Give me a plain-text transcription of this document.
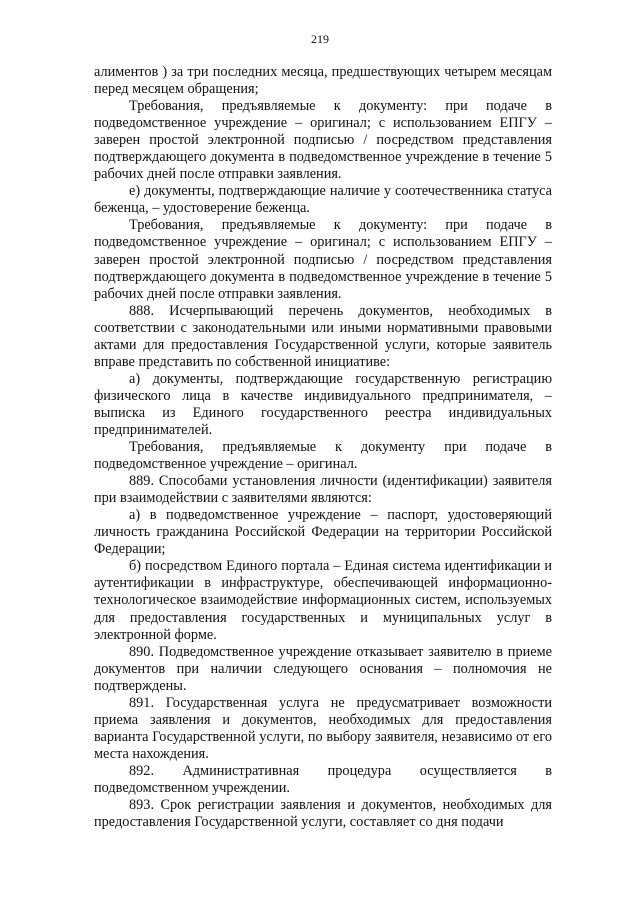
219

алиментов ) за три последних месяца, предшествующих четырем месяцам перед месяцем обращения;

Требования, предъявляемые к документу: при подаче в подведомственное учреждение – оригинал; с использованием ЕПГУ – заверен простой электронной подписью / посредством представления подтверждающего документа в подведомственное учреждение в течение 5 рабочих дней после отправки заявления.

е) документы, подтверждающие наличие у соотечественника статуса беженца, – удостоверение беженца.

Требования, предъявляемые к документу: при подаче в подведомственное учреждение – оригинал; с использованием ЕПГУ – заверен простой электронной подписью / посредством представления подтверждающего документа в подведомственное учреждение в течение 5 рабочих дней после отправки заявления.

888. Исчерпывающий перечень документов, необходимых в соответствии с законодательными или иными нормативными правовыми актами для предоставления Государственной услуги, которые заявитель вправе представить по собственной инициативе:

а) документы, подтверждающие государственную регистрацию физического лица в качестве индивидуального предпринимателя, – выписка из Единого государственного реестра индивидуальных предпринимателей.

Требования, предъявляемые к документу при подаче в подведомственное учреждение – оригинал.

889. Способами установления личности (идентификации) заявителя при взаимодействии с заявителями являются:

а) в подведомственное учреждение – паспорт, удостоверяющий личность гражданина Российской Федерации на территории Российской Федерации;

б) посредством Единого портала – Единая система идентификации и аутентификации в инфраструктуре, обеспечивающей информационно-технологическое взаимодействие информационных систем, используемых для предоставления государственных и муниципальных услуг в электронной форме.

890. Подведомственное учреждение отказывает заявителю в приеме документов при наличии следующего основания – полномочия не подтверждены.

891. Государственная услуга не предусматривает возможности приема заявления и документов, необходимых для предоставления варианта Государственной услуги, по выбору заявителя, независимо от его места нахождения.

892. Административная процедура осуществляется в подведомственном учреждении.

893. Срок регистрации заявления и документов, необходимых для предоставления Государственной услуги, составляет со дня подачи
